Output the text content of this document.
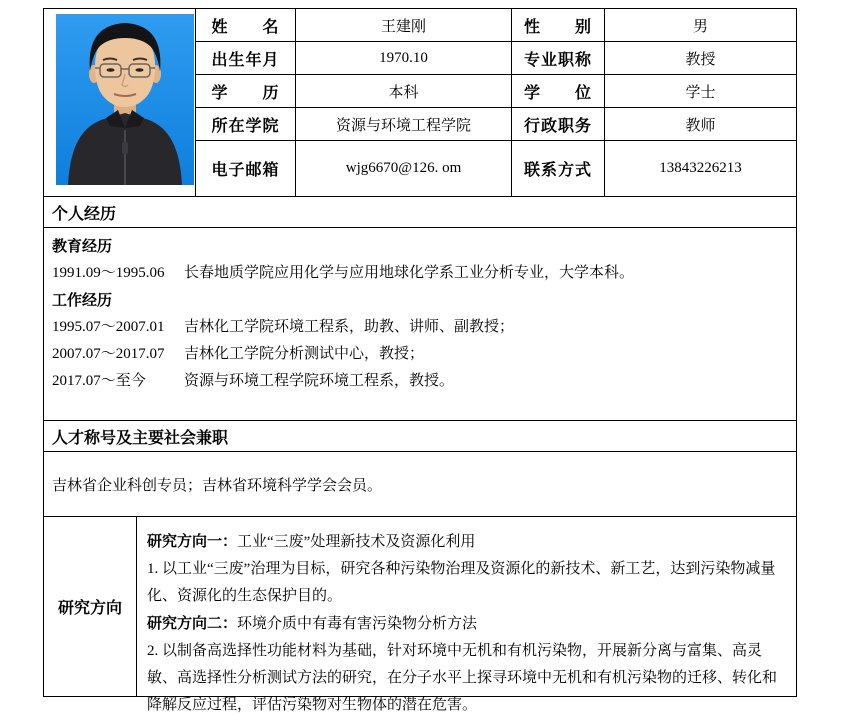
姓　　名	王建刚	性　　别	男
出生年月	1970.10	专业职称	教授
学　　历	本科	学　　位	学士
所在学院	资源与环境工程学院	行政职务	教师
电子邮箱	wjg6670@126. om	联系方式	13843226213
个人经历
教育经历
1991.09～1995.06	长春地质学院应用化学与应用地球化学系工业分析专业，大学本科。
工作经历
1995.07～2007.01	吉林化工学院环境工程系，助教、讲师、副教授；
2007.07～2017.07	吉林化工学院分析测试中心，教授；
2017.07～至今	资源与环境工程学院环境工程系，教授。
人才称号及主要社会兼职
吉林省企业科创专员；吉林省环境科学学会会员。
研究方向

研究方向一：工业“三废”处理新技术及资源化利用

1. 以工业“三废”治理为目标，研究各种污染物治理及资源化的新技术、新工艺，达到污染物减量化、资源化的生态保护目的。

研究方向二：环境介质中有毒有害污染物分析方法

2. 以制备高选择性功能材料为基础，针对环境中无机和有机污染物，开展新分离与富集、高灵敏、高选择性分析测试方法的研究，在分子水平上探寻环境中无机和有机污染物的迁移、转化和降解反应过程，评估污染物对生物体的潜在危害。
